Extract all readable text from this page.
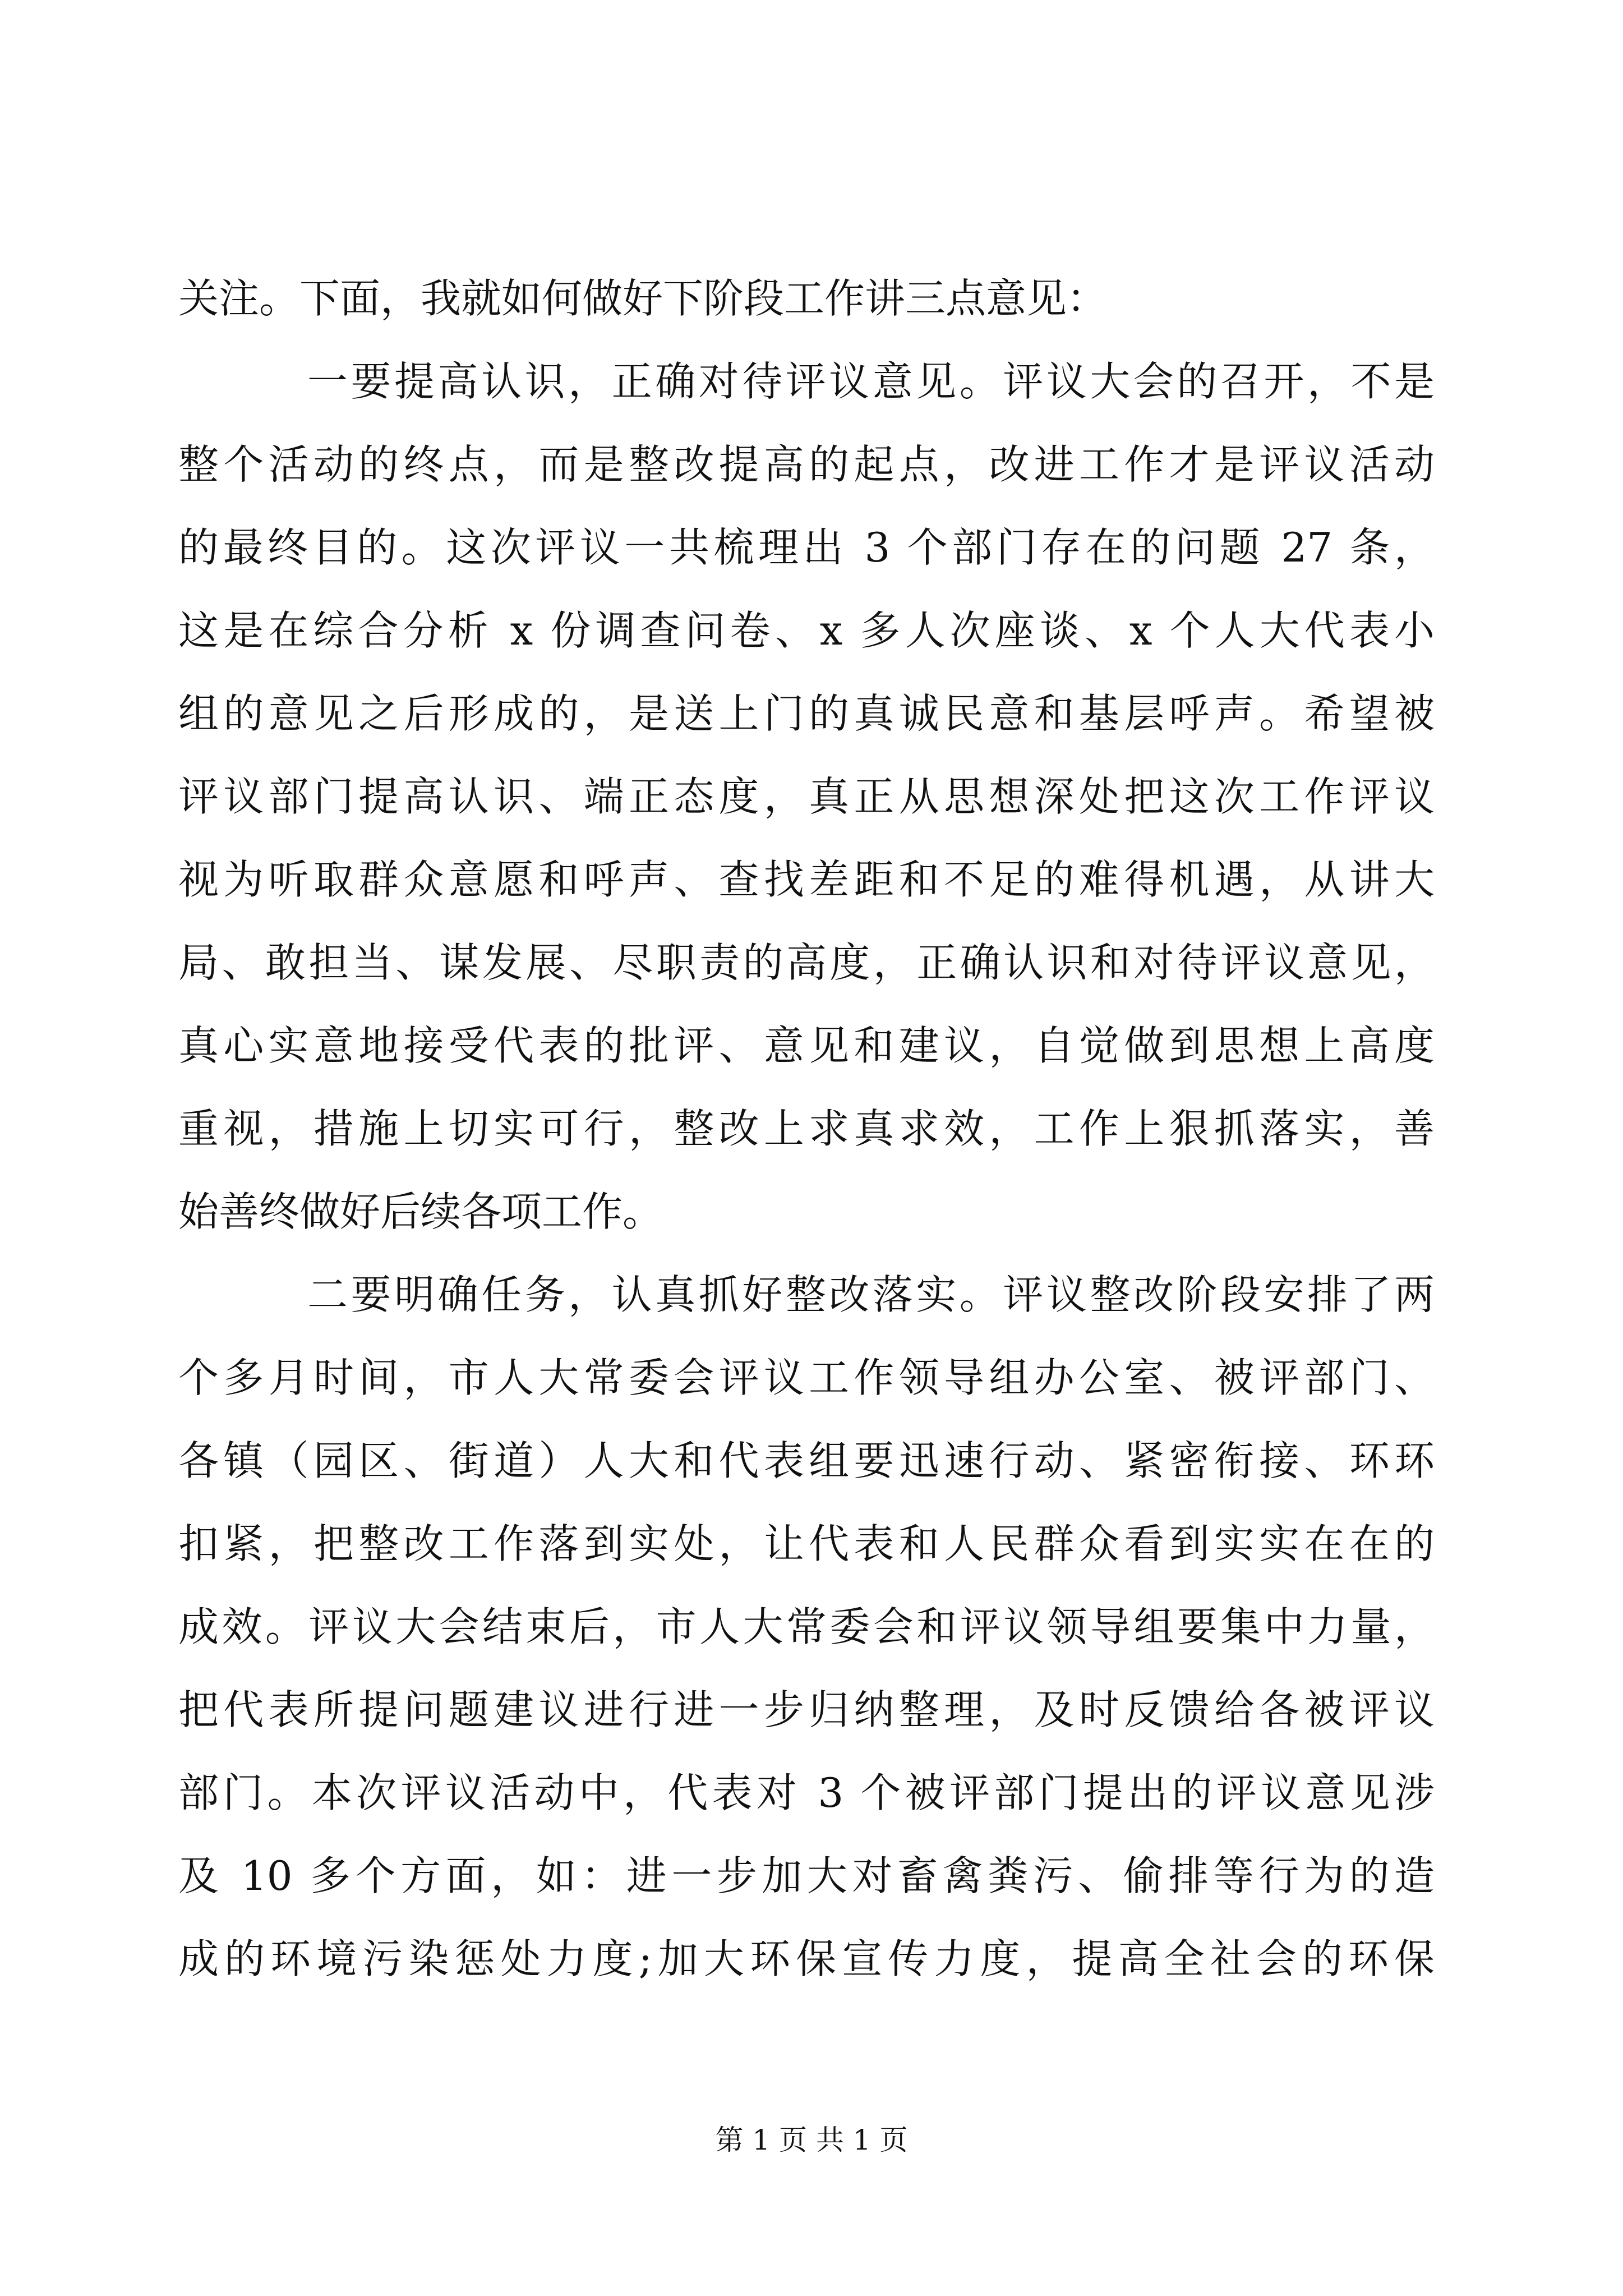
关注。下面，我就如何做好下阶段工作讲三点意见：
一要提高认识，正确对待评议意见。评议大会的召开，不是
整个活动的终点，而是整改提高的起点，改进工作才是评议活动
的最终目的。这次评议一共梳理出 3 个部门存在的问题 27 条，
这是在综合分析 x 份调查问卷、x 多人次座谈、x 个人大代表小
组的意见之后形成的，是送上门的真诚民意和基层呼声。希望被
评议部门提高认识、端正态度，真正从思想深处把这次工作评议
视为听取群众意愿和呼声、查找差距和不足的难得机遇，从讲大
局、敢担当、谋发展、尽职责的高度，正确认识和对待评议意见，
真心实意地接受代表的批评、意见和建议，自觉做到思想上高度
重视，措施上切实可行，整改上求真求效，工作上狠抓落实，善
始善终做好后续各项工作。
二要明确任务，认真抓好整改落实。评议整改阶段安排了两
个多月时间，市人大常委会评议工作领导组办公室、被评部门、
各镇（园区、街道）人大和代表组要迅速行动、紧密衔接、环环
扣紧，把整改工作落到实处，让代表和人民群众看到实实在在的
成效。评议大会结束后，市人大常委会和评议领导组要集中力量，
把代表所提问题建议进行进一步归纳整理，及时反馈给各被评议
部门。本次评议活动中，代表对 3 个被评部门提出的评议意见涉
及 10 多个方面，如：进一步加大对畜禽粪污、偷排等行为的造
成的环境污染惩处力度;加大环保宣传力度，提高全社会的环保
第 1 页 共 1 页
